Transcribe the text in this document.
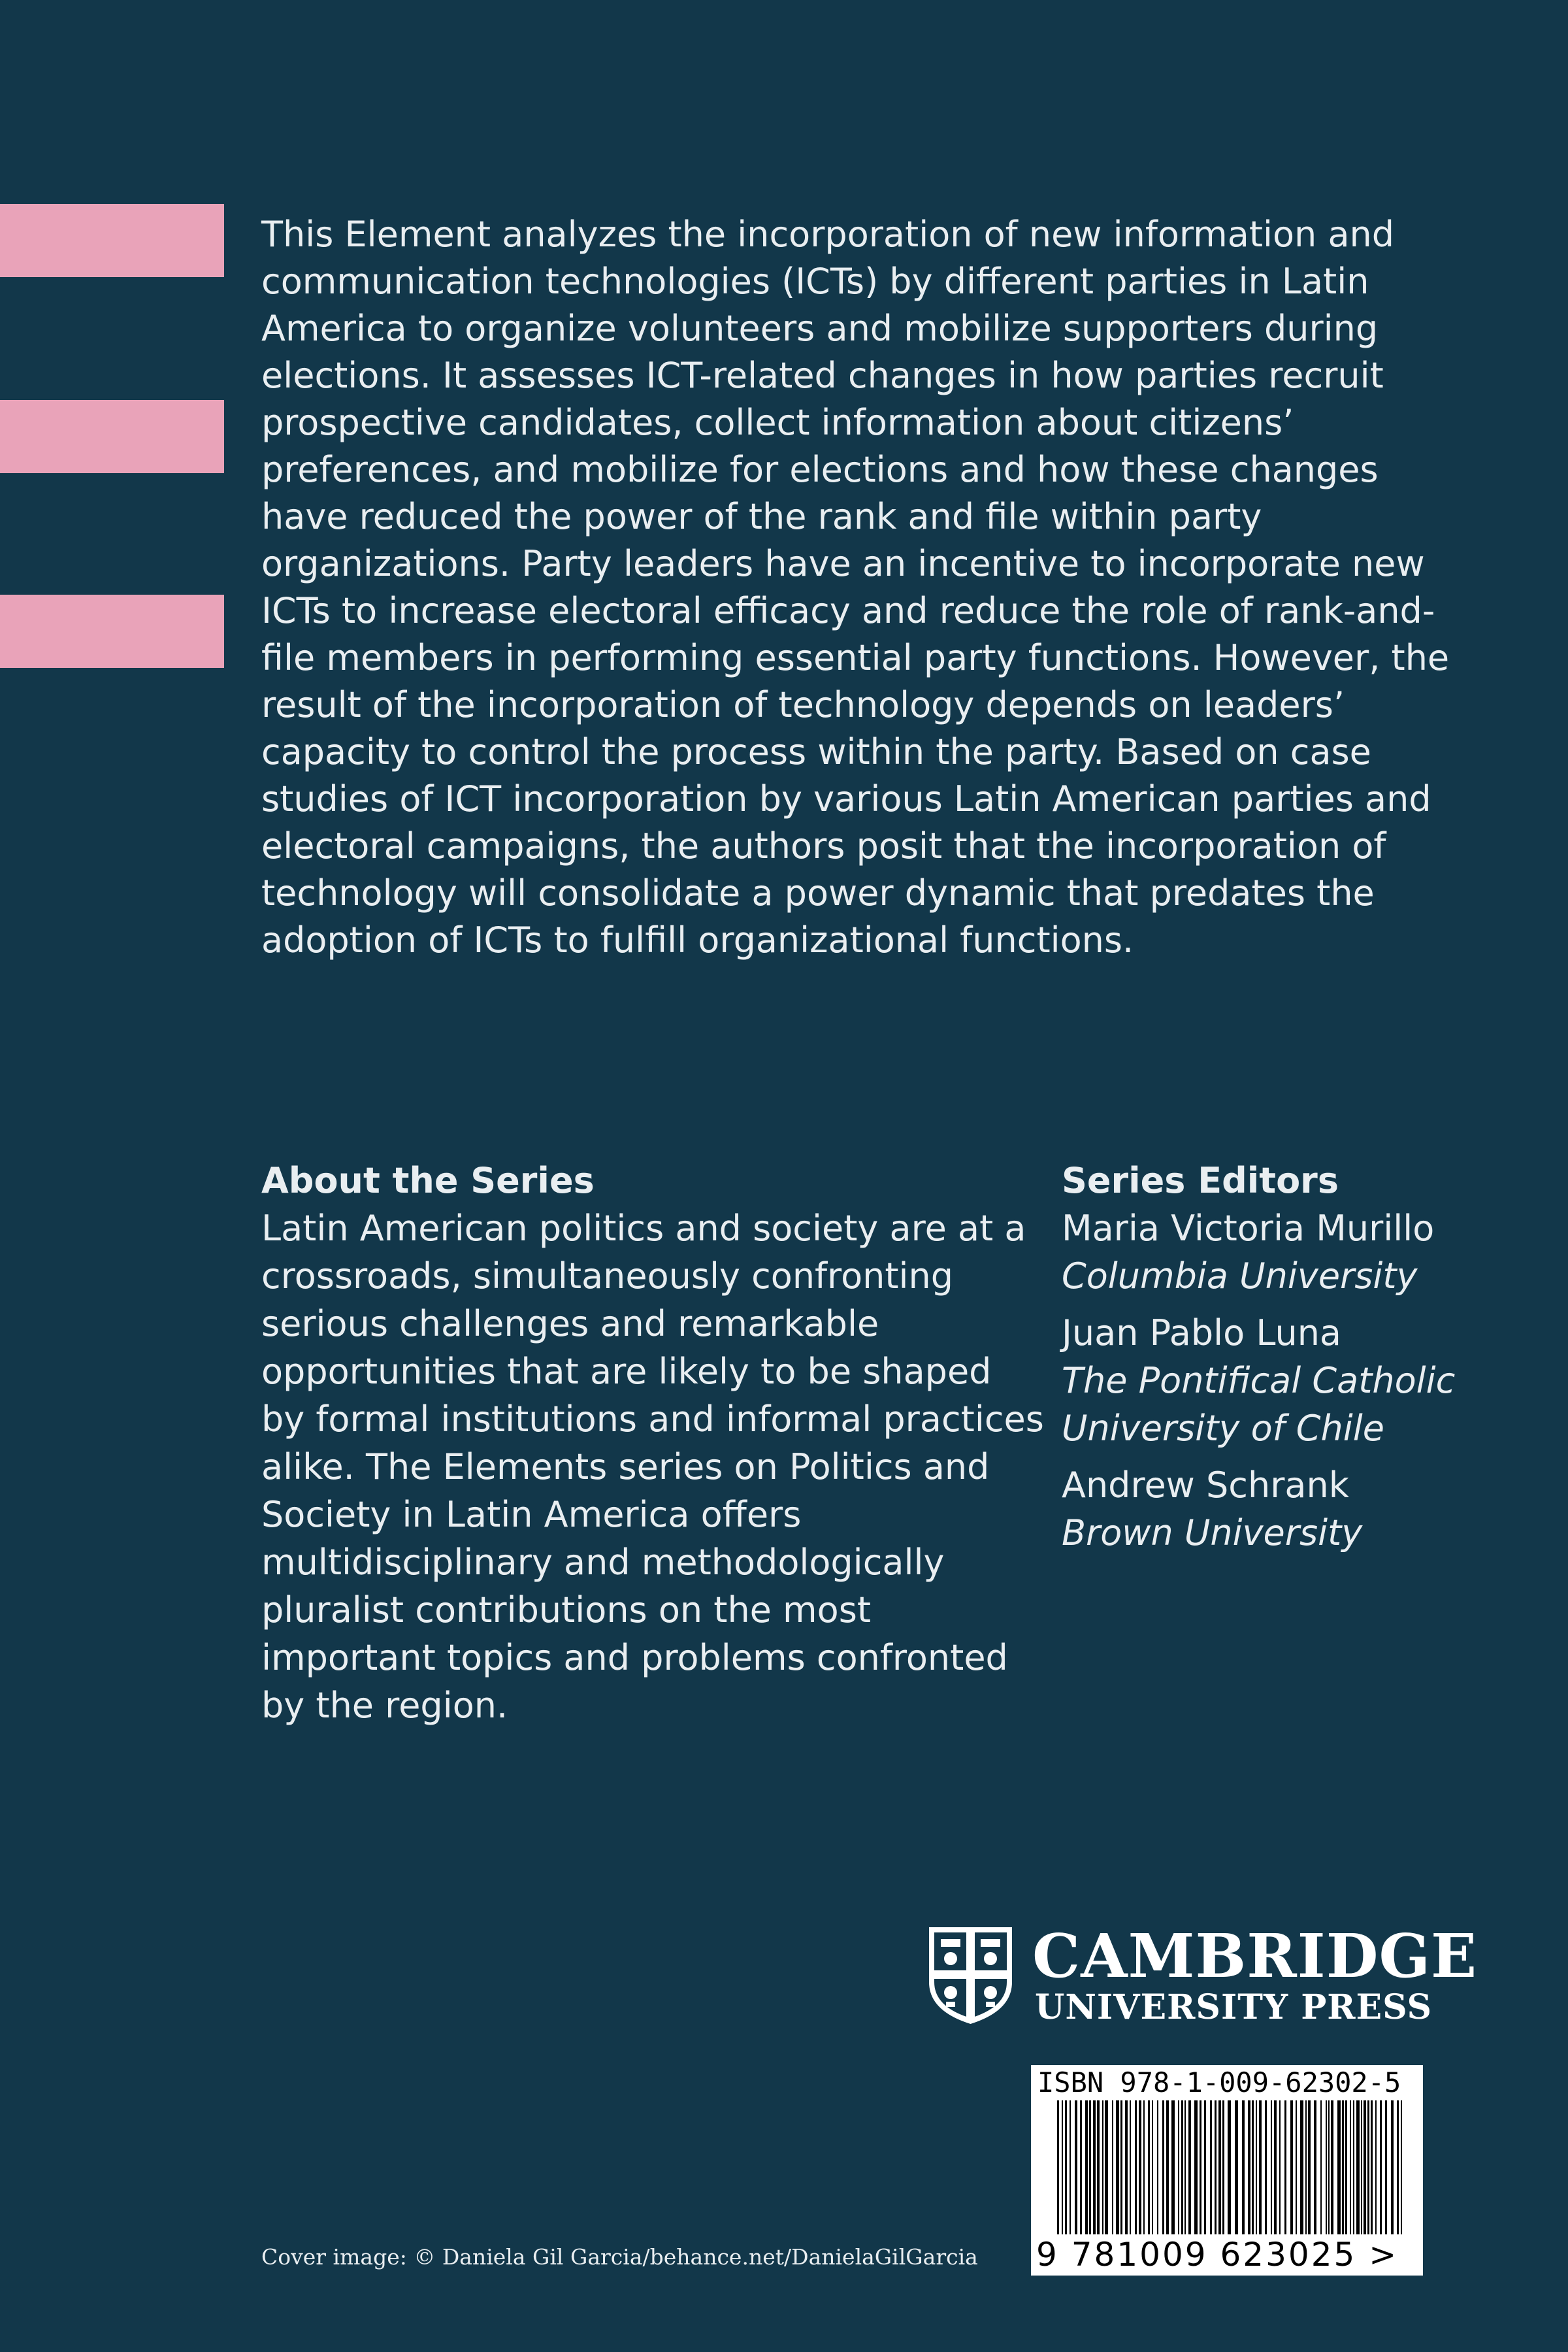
This Element analyzes the incorporation of new information and communication technologies (ICTs) by different parties in Latin America to organize volunteers and mobilize supporters during elections. It assesses ICT-related changes in how parties recruit prospective candidates, collect information about citizens’ preferences, and mobilize for elections and how these changes have reduced the power of the rank and file within party organizations. Party leaders have an incentive to incorporate new ICTs to increase electoral efficacy and reduce the role of rank-and-file members in performing essential party functions. However, the result of the incorporation of technology depends on leaders’ capacity to control the process within the party. Based on case studies of ICT incorporation by various Latin American parties and electoral campaigns, the authors posit that the incorporation of technology will consolidate a power dynamic that predates the adoption of ICTs to fulfill organizational functions.

About the Series
Latin American politics and society are at a crossroads, simultaneously confronting serious challenges and remarkable opportunities that are likely to be shaped by formal institutions and informal practices alike. The Elements series on Politics and Society in Latin America offers multidisciplinary and methodologically pluralist contributions on the most important topics and problems confronted by the region.
Series Editors
Maria Victoria Murillo
Columbia University
Juan Pablo Luna
The Pontifical Catholic University of Chile
Andrew Schrank
Brown University
CAMBRIDGE
UNIVERSITY PRESS
ISBN 978-1-009-62302-5
9 781009 623025 >
Cover image: © Daniela Gil Garcia/behance.net/DanielaGilGarcia
